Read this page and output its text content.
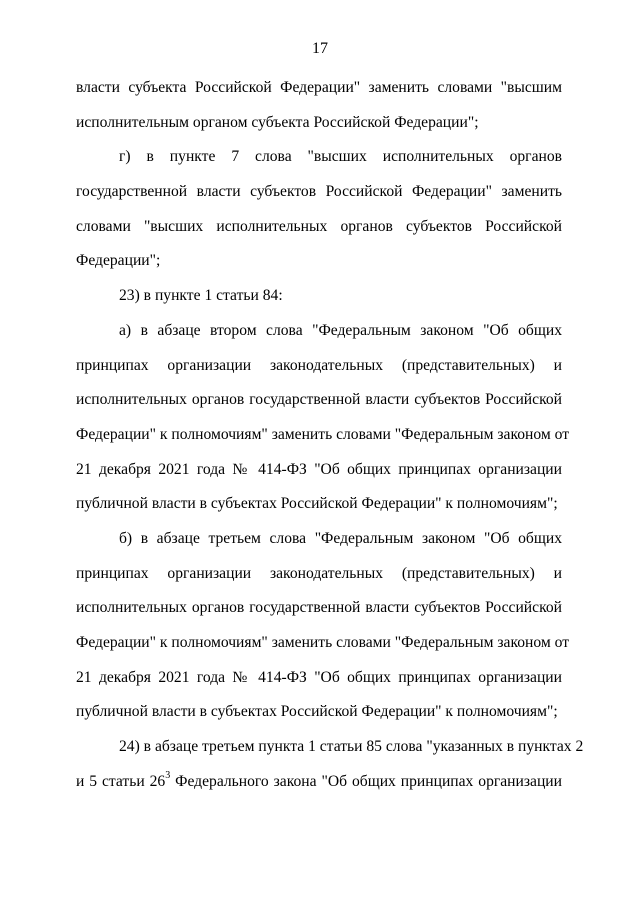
17
власти субъекта Российской Федерации" заменить словами "высшим
исполнительным органом субъекта Российской Федерации";
г) в пункте 7 слова "высших исполнительных органов
государственной власти субъектов Российской Федерации" заменить
словами "высших исполнительных органов субъектов Российской
Федерации";
23) в пункте 1 статьи 84:
а) в абзаце втором слова "Федеральным законом "Об общих
принципах организации законодательных (представительных) и
исполнительных органов государственной власти субъектов Российской
Федерации" к полномочиям" заменить словами "Федеральным законом от
21 декабря 2021 года № 414-ФЗ "Об общих принципах организации
публичной власти в субъектах Российской Федерации" к полномочиям";
б) в абзаце третьем слова "Федеральным законом "Об общих
принципах организации законодательных (представительных) и
исполнительных органов государственной власти субъектов Российской
Федерации" к полномочиям" заменить словами "Федеральным законом от
21 декабря 2021 года № 414-ФЗ "Об общих принципах организации
публичной власти в субъектах Российской Федерации" к полномочиям";
24) в абзаце третьем пункта 1 статьи 85 слова "указанных в пунктах 2
и 5 статьи $26^3$ Федерального закона "Об общих принципах организации
